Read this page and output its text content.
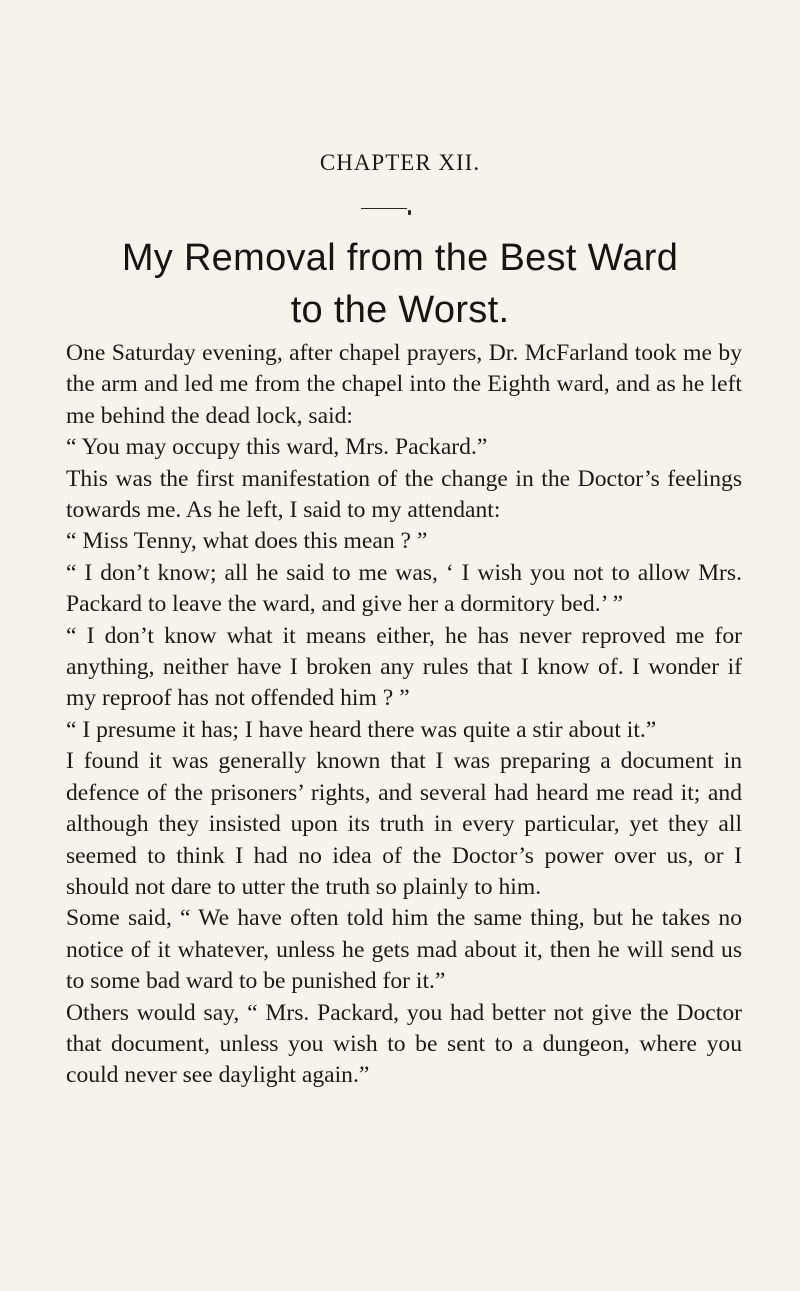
CHAPTER XII.
My Removal from the Best Ward
to the Worst.

One Saturday evening, after chapel prayers, Dr. McFarland took me by the arm and led me from the chapel into the Eighth ward, and as he left me behind the dead lock, said:

“ You may occupy this ward, Mrs. Packard.”

This was the first manifestation of the change in the Doctor’s feelings towards me. As he left, I said to my attendant:

“ Miss Tenny, what does this mean ? ”

“ I don’t know; all he said to me was, ‘ I wish you not to allow Mrs. Packard to leave the ward, and give her a dormitory bed.’ ”

“ I don’t know what it means either, he has never reproved me for anything, neither have I broken any rules that I know of. I wonder if my reproof has not offended him ? ”

“ I presume it has; I have heard there was quite a stir about it.”

I found it was generally known that I was preparing a document in defence of the prisoners’ rights, and several had heard me read it; and although they insisted upon its truth in every particular, yet they all seemed to think I had no idea of the Doctor’s power over us, or I should not dare to utter the truth so plainly to him.

Some said, “ We have often told him the same thing, but he takes no notice of it whatever, unless he gets mad about it, then he will send us to some bad ward to be punished for it.”

Others would say, “ Mrs. Packard, you had better not give the Doctor that document, unless you wish to be sent to a dungeon, where you could never see daylight again.”
